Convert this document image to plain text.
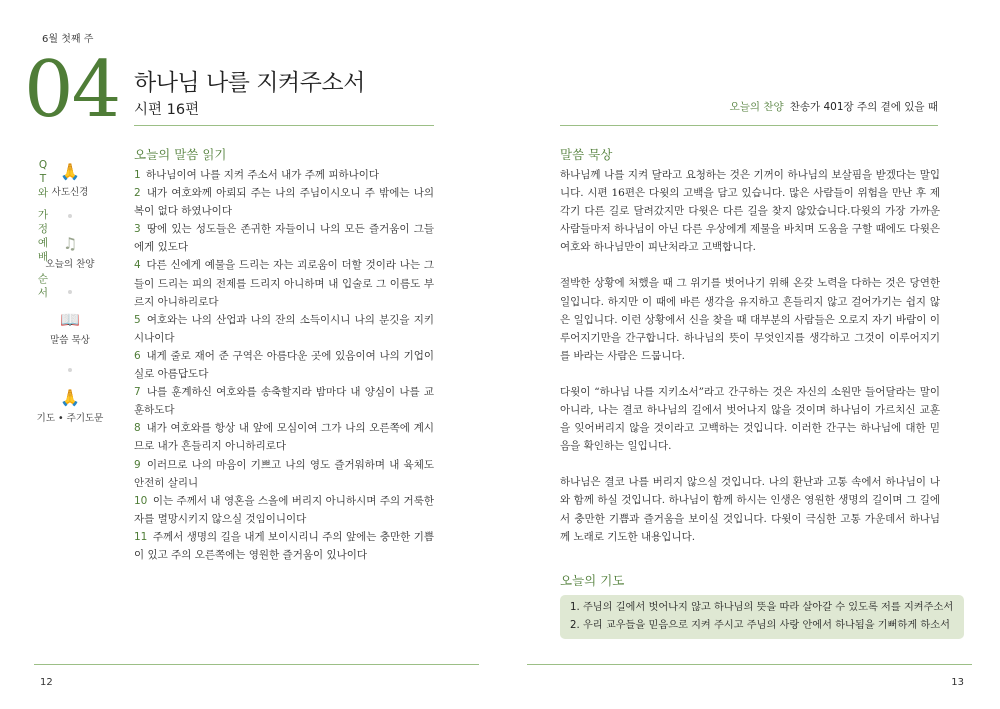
6월 첫째 주
04 하나님 나를 지켜주소서
시편 16편	오늘의 찬양 찬송가 401장 주의 곁에 있을 때
Q
T
와

가
정
예
배

순
서
🙏
사도신경
♫
오늘의 찬양
📖
말씀 묵상
🙏
기도 • 주기도문
오늘의 말씀 읽기
1 하나님이여 나를 지켜 주소서 내가 주께 피하나이다
2 내가 여호와께 아뢰되 주는 나의 주님이시오니 주 밖에는 나의 복이 없다 하였나이다
3 땅에 있는 성도들은 존귀한 자들이니 나의 모든 즐거움이 그들에게 있도다
4 다른 신에게 예물을 드리는 자는 괴로움이 더할 것이라 나는 그들이 드리는 피의 전제를 드리지 아니하며 내 입술로 그 이름도 부르지 아니하리로다
5 여호와는 나의 산업과 나의 잔의 소득이시니 나의 분깃을 지키시나이다
6 내게 줄로 재어 준 구역은 아름다운 곳에 있음이여 나의 기업이 실로 아름답도다
7 나를 훈계하신 여호와를 송축할지라 밤마다 내 양심이 나를 교훈하도다
8 내가 여호와를 항상 내 앞에 모심이여 그가 나의 오른쪽에 계시므로 내가 흔들리지 아니하리로다
9 이러므로 나의 마음이 기쁘고 나의 영도 즐거워하며 내 육체도 안전히 살리니
10 이는 주께서 내 영혼을 스올에 버리지 아니하시며 주의 거룩한 자를 멸망시키지 않으실 것임이니이다
11 주께서 생명의 길을 내게 보이시리니 주의 앞에는 충만한 기쁨이 있고 주의 오른쪽에는 영원한 즐거움이 있나이다
말씀 묵상

하나님께 나를 지켜 달라고 요청하는 것은 기꺼이 하나님의 보살핌을 받겠다는 말입니다. 시편 16편은 다윗의 고백을 담고 있습니다. 많은 사람들이 위험을 만난 후 제각기 다른 길로 달려갔지만 다윗은 다른 길을 찾지 않았습니다.다윗의 가장 가까운 사람들마저 하나님이 아닌 다른 우상에게 제물을 바치며 도움을 구할 때에도 다윗은 여호와 하나님만이 피난처라고 고백합니다.

절박한 상황에 처했을 때 그 위기를 벗어나기 위해 온갖 노력을 다하는 것은 당연한 일입니다. 하지만 이 때에 바른 생각을 유지하고 흔들리지 않고 걸어가기는 쉽지 않은 일입니다. 이런 상황에서 신을 찾을 때 대부분의 사람들은 오로지 자기 바람이 이루어지기만을 간구합니다. 하나님의 뜻이 무엇인지를 생각하고 그것이 이루어지기를 바라는 사람은 드뭅니다.

다윗이 “하나님 나를 지키소서”라고 간구하는 것은 자신의 소원만 들어달라는 말이 아니라, 나는 결코 하나님의 길에서 벗어나지 않을 것이며 하나님이 가르치신 교훈을 잊어버리지 않을 것이라고 고백하는 것입니다. 이러한 간구는 하나님에 대한 믿음을 확인하는 일입니다.

하나님은 결코 나를 버리지 않으실 것입니다. 나의 환난과 고통 속에서 하나님이 나와 함께 하실 것입니다. 하나님이 함께 하시는 인생은 영원한 생명의 길이며 그 길에서 충만한 기쁨과 즐거움을 보이실 것입니다. 다윗이 극심한 고통 가운데서 하나님께 노래로 기도한 내용입니다.

오늘의 기도
1. 주님의 길에서 벗어나지 않고 하나님의 뜻을 따라 살아갈 수 있도록 저를 지켜주소서
2. 우리 교우들을 믿음으로 지켜 주시고 주님의 사랑 안에서 하나됨을 기뻐하게 하소서
12	13
